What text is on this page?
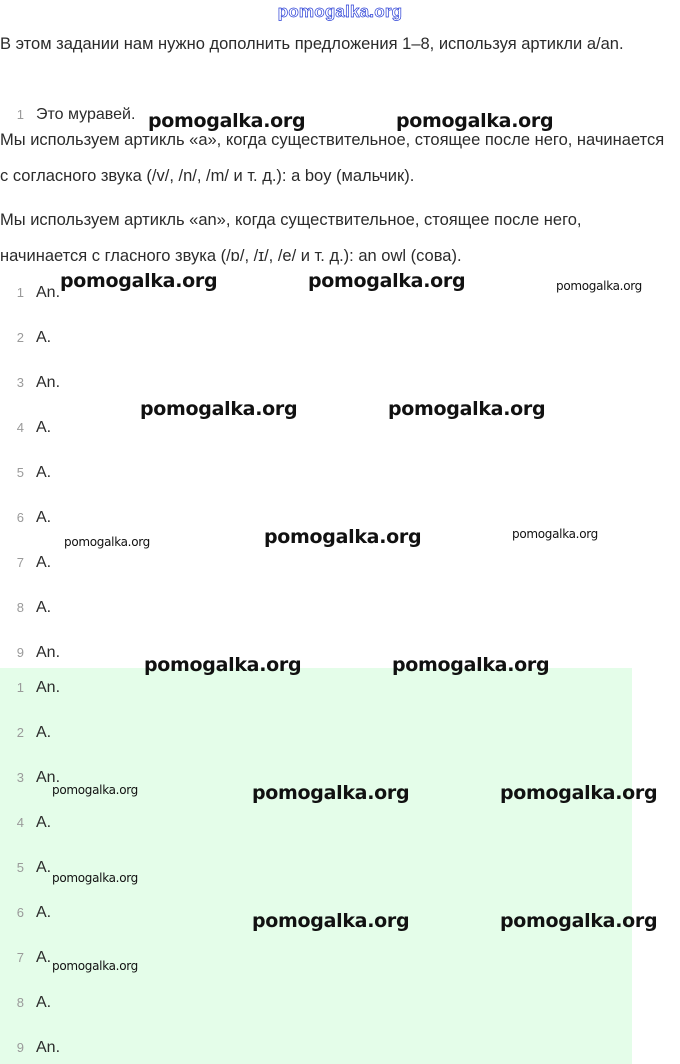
pomogalka.org

В этом задании нам нужно дополнить предложения 1–8, используя артикли a/an.

1 Это муравей.

Мы используем артикль «a», когда существительное, стоящее после него, начинается с согласного звука (/v/, /n/, /m/ и т. д.): a boy (мальчик).

Мы используем артикль «an», когда существительное, стоящее после него, начинается с гласного звука (/ɒ/, /ɪ/, /e/ и т. д.): an owl (сова).

1 An.
2 A.
3 An.
4 A.
5 A.
6 A.
7 A.
8 A.
9 An.
1 An.
2 A.
3 An.
4 A.
5 A.
6 A.
7 A.
8 A.
9 An.
pomogalka.org	pomogalka.org
pomogalka.org	pomogalka.org	pomogalka.org
pomogalka.org	pomogalka.org
pomogalka.org
pomogalka.org
pomogalka.org
pomogalka.org	pomogalka.org
pomogalka.org	pomogalka.org	pomogalka.org
pomogalka.org
pomogalka.org	pomogalka.org
pomogalka.org
